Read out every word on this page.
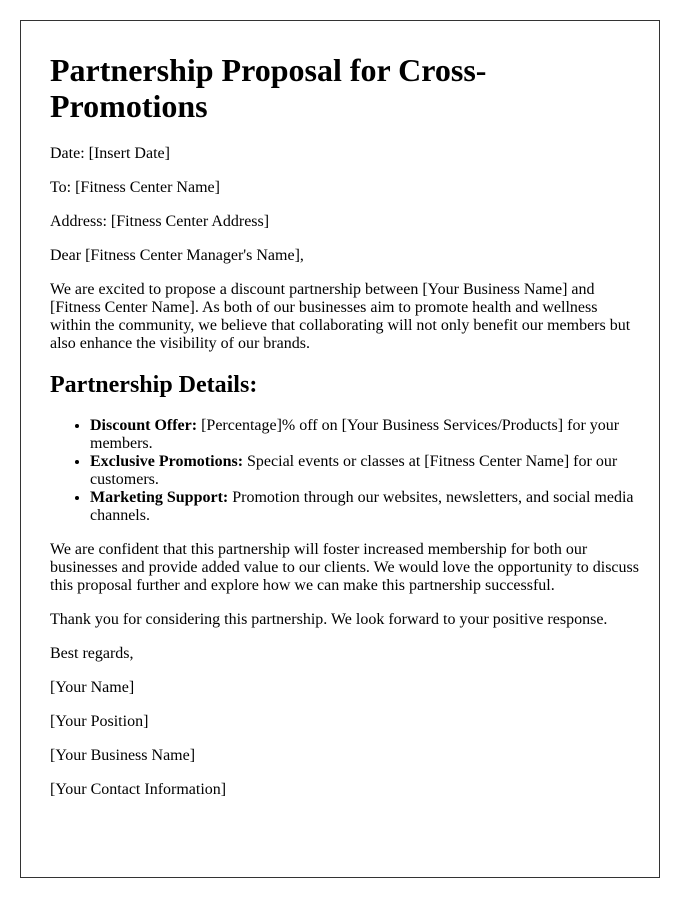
Partnership Proposal for Cross-Promotions

Date: [Insert Date]

To: [Fitness Center Name]

Address: [Fitness Center Address]

Dear [Fitness Center Manager's Name],

We are excited to propose a discount partnership between [Your Business Name] and [Fitness Center Name]. As both of our businesses aim to promote health and wellness within the community, we believe that collaborating will not only benefit our members but also enhance the visibility of our brands.

Partnership Details:
• Discount Offer: [Percentage]% off on [Your Business Services/Products] for your members.
• Exclusive Promotions: Special events or classes at [Fitness Center Name] for our customers.
• Marketing Support: Promotion through our websites, newsletters, and social media channels.

We are confident that this partnership will foster increased membership for both our businesses and provide added value to our clients. We would love the opportunity to discuss this proposal further and explore how we can make this partnership successful.

Thank you for considering this partnership. We look forward to your positive response.

Best regards,

[Your Name]

[Your Position]

[Your Business Name]

[Your Contact Information]
